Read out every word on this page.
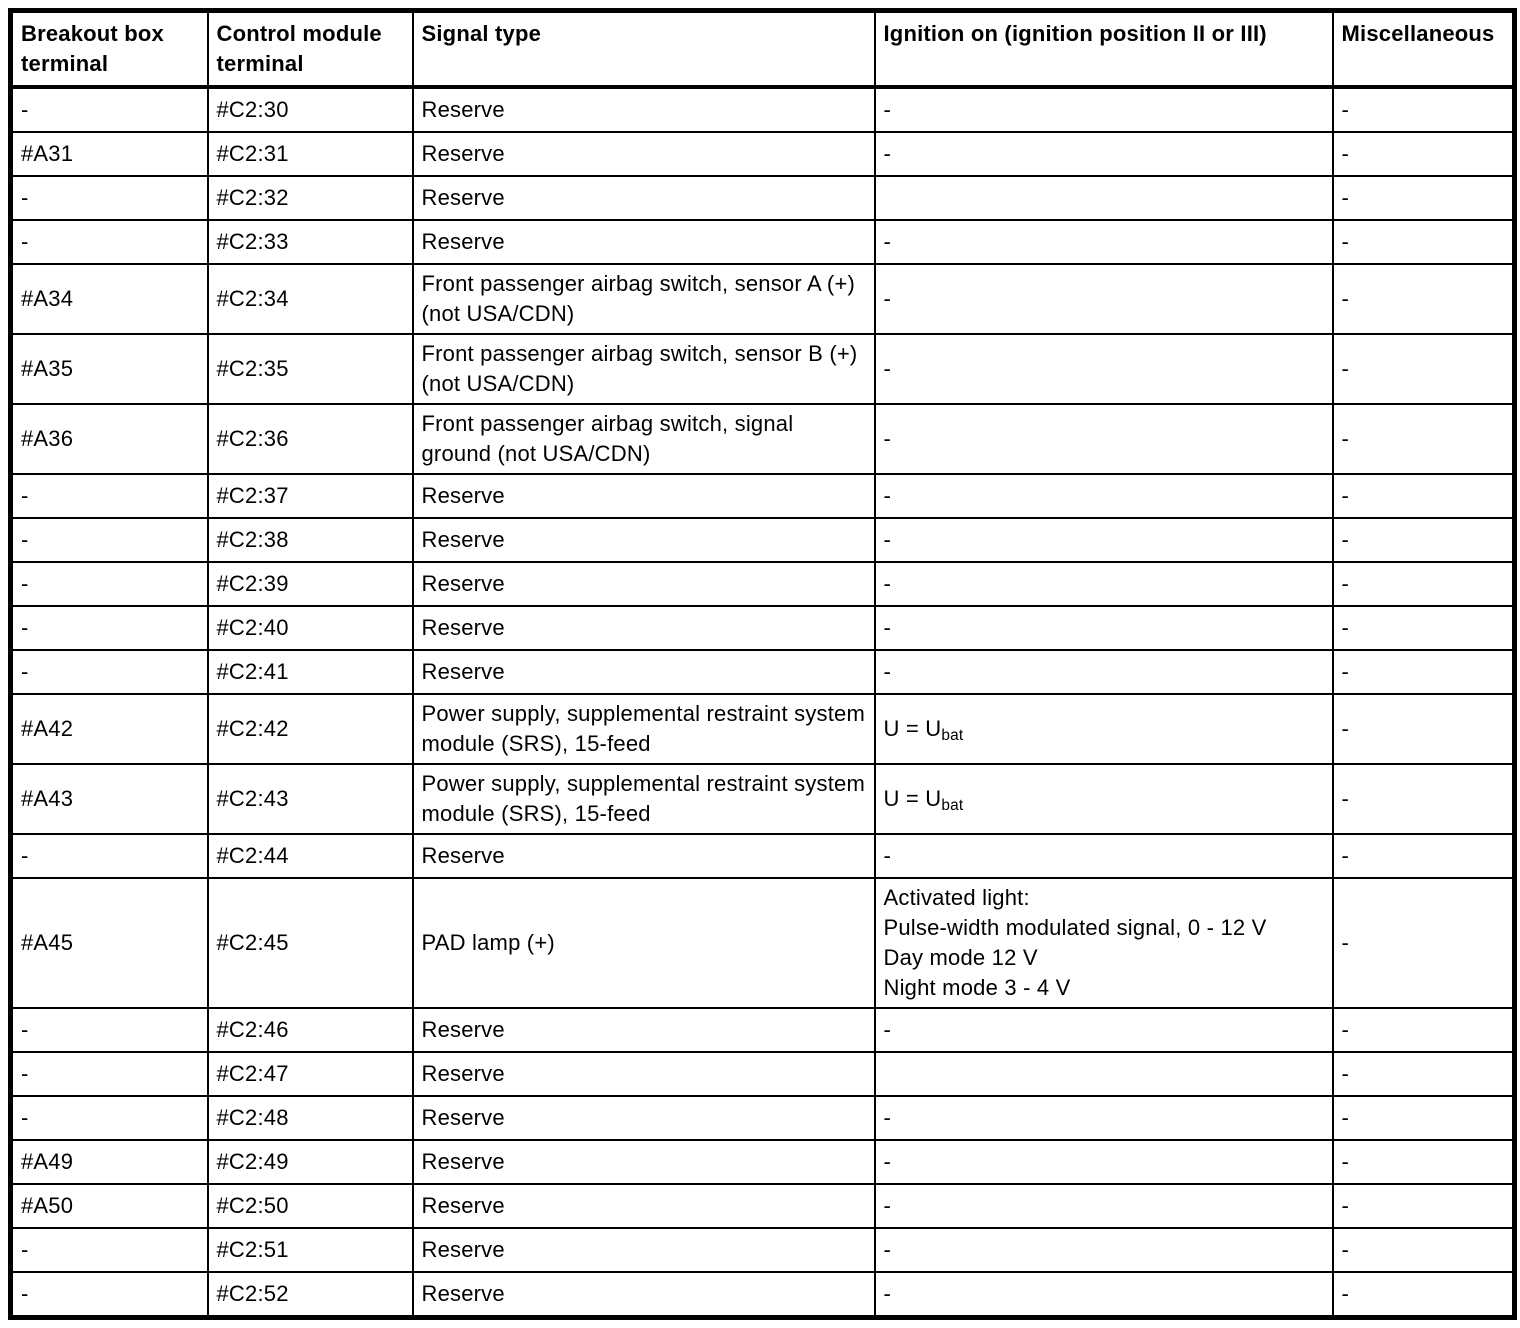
Breakout box terminal	Control module terminal	Signal type	Ignition on (ignition position II or III)	Miscellaneous
-	#C2:30	Reserve	-	-
#A31	#C2:31	Reserve	-	-
-	#C2:32	Reserve		-
-	#C2:33	Reserve	-	-
#A34	#C2:34	Front passenger airbag switch, sensor A (+) (not USA/CDN)	-	-
#A35	#C2:35	Front passenger airbag switch, sensor B (+) (not USA/CDN)	-	-
#A36	#C2:36	Front passenger airbag switch, signal ground (not USA/CDN)	-	-
-	#C2:37	Reserve	-	-
-	#C2:38	Reserve	-	-
-	#C2:39	Reserve	-	-
-	#C2:40	Reserve	-	-
-	#C2:41	Reserve	-	-
#A42	#C2:42	Power supply, supplemental restraint system module (SRS), 15-feed	$U = U_{bat}$	-
#A43	#C2:43	Power supply, supplemental restraint system module (SRS), 15-feed	$U = U_{bat}$	-
-	#C2:44	Reserve	-	-
#A45	#C2:45	PAD lamp (+)	Activated light:
Pulse-width modulated signal, 0 - 12 V
Day mode 12 V
Night mode 3 - 4 V	-
-	#C2:46	Reserve	-	-
-	#C2:47	Reserve		-
-	#C2:48	Reserve	-	-
#A49	#C2:49	Reserve	-	-
#A50	#C2:50	Reserve	-	-
-	#C2:51	Reserve	-	-
-	#C2:52	Reserve	-	-
